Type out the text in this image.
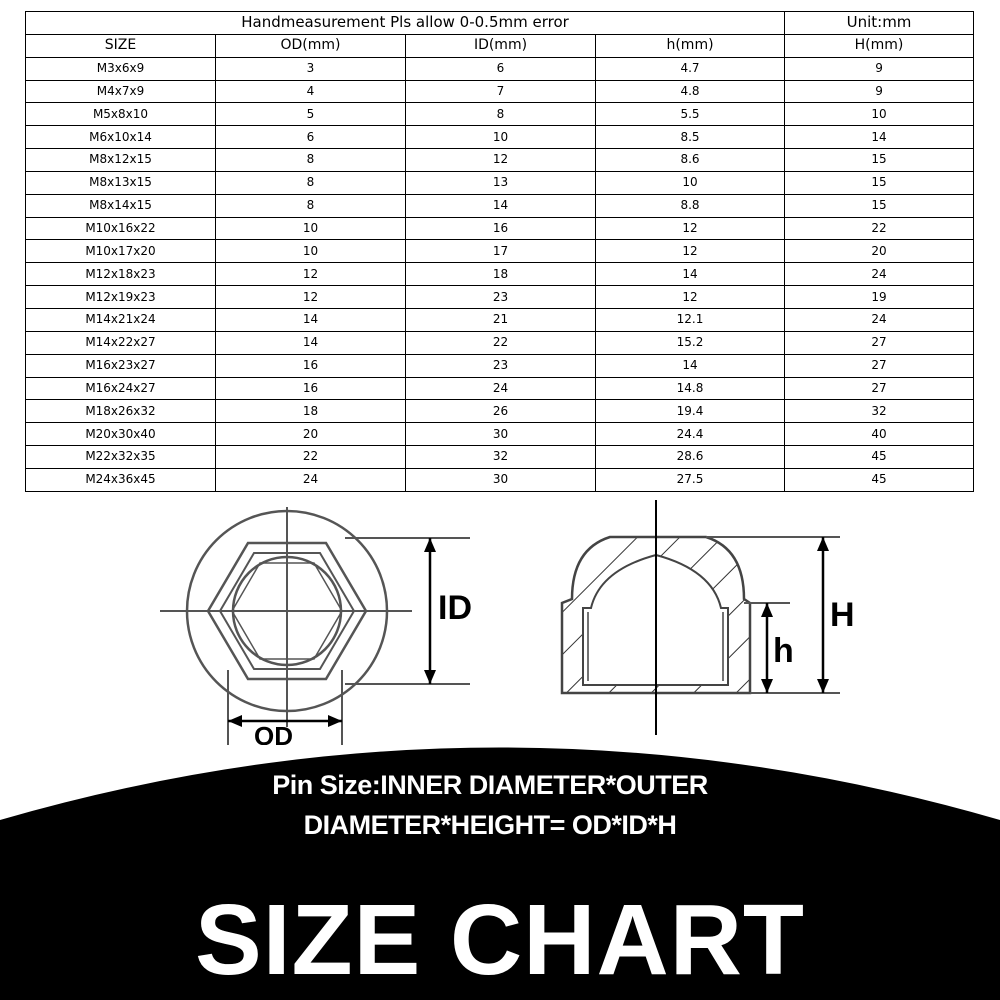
Handmeasurement Pls allow 0-0.5mm error				Unit:mm
SIZE	OD(mm)	ID(mm)	h(mm)	H(mm)
M3x6x9	3	6	4.7	9
M4x7x9	4	7	4.8	9
M5x8x10	5	8	5.5	10
M6x10x14	6	10	8.5	14
M8x12x15	8	12	8.6	15
M8x13x15	8	13	10	15
M8x14x15	8	14	8.8	15
M10x16x22	10	16	12	22
M10x17x20	10	17	12	20
M12x18x23	12	18	14	24
M12x19x23	12	23	12	19
M14x21x24	14	21	12.1	24
M14x22x27	14	22	15.2	27
M16x23x27	16	23	14	27
M16x24x27	16	24	14.8	27
M18x26x32	18	26	19.4	32
M20x30x40	20	30	24.4	40
M22x32x35	22	32	28.6	45
M24x36x45	24	30	27.5	45
ID
OD
h
H
Pin Size:INNER DIAMETER*OUTER
DIAMETER*HEIGHT= OD*ID*H
SIZE CHART
